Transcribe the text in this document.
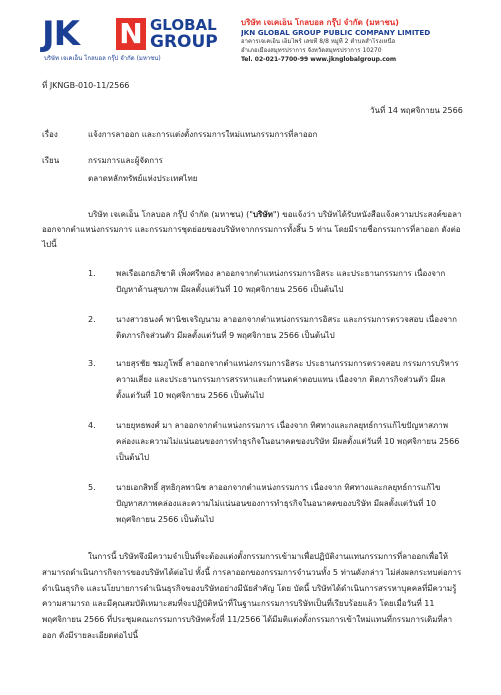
JK N GLOBAL
GROUP
บริษัท เจเคเอ็น โกลบอล กรุ๊ป จำกัด (มหาชน)
บริษัท เจเคเอ็น โกลบอล กรุ๊ป จำกัด (มหาชน)
JKN GLOBAL GROUP PUBLIC COMPANY LIMITED
อาคารเจเคเอ็น เอ็มไพร์ เลขที่ 8/8 หมู่ที่ 2 ตำบลสำโรงเหนือ
อำเภอเมืองสมุทรปราการ จังหวัดสมุทรปราการ 10270
Tel. 02-021-7700-99 www.jknglobalgroup.com
ที่ JKNGB-010-11/2566
วันที่ 14 พฤศจิกายน 2566
เรื่อง	แจ้งการลาออก และการแต่งตั้งกรรมการใหม่แทนกรรมการที่ลาออก
เรียน	กรรมการและผู้จัดการ
ตลาดหลักทรัพย์แห่งประเทศไทย
บริษัท เจเคเอ็น โกลบอล กรุ๊ป จำกัด (มหาชน) ("บริษัท") ขอแจ้งว่า บริษัทได้รับหนังสือแจ้งความประสงค์ขอลาออกจากตำแหน่งกรรมการ และกรรมการชุดย่อยของบริษัทจากกรรมการทั้งสิ้น 5 ท่าน โดยมีรายชื่อกรรมการที่ลาออก ดังต่อไปนี้
1.	พลเรือเอกธภิชาติ เพ็งศรีทอง ลาออกจากตำแหน่งกรรมการอิสระ และประธานกรรมการ เนื่องจากปัญหาด้านสุขภาพ มีผลตั้งแต่วันที่ 10 พฤศจิกายน 2566 เป็นต้นไป
2.	นางสาวธนงค์ พานิชเจริญนาม ลาออกจากตำแหน่งกรรมการอิสระ และกรรมการตรวจสอบ เนื่องจากติดภารกิจส่วนตัว มีผลตั้งแต่วันที่ 9 พฤศจิกายน 2566 เป็นต้นไป
3.	นายสุรชัย ชมภูโพธิ์ ลาออกจากตำแหน่งกรรมการอิสระ ประธานกรรมการตรวจสอบ กรรมการบริหารความเสี่ยง และประธานกรรมการสรรหาและกำหนดค่าตอบแทน เนื่องจาก ติดภารกิจส่วนตัว มีผลตั้งแต่วันที่ 10 พฤศจิกายน 2566 เป็นต้นไป
4.	นายยุทธพงศ์ มา ลาออกจากตำแหน่งกรรมการ เนื่องจาก ทิศทางและกลยุทธ์การแก้ไขปัญหาสภาพคล่องและความไม่แน่นอนของการทำธุรกิจในอนาคตของบริษัท มีผลตั้งแต่วันที่ 10 พฤศจิกายน 2566 เป็นต้นไป
5.	นายเอกสิทธิ์ สุทธิกุลพานิช ลาออกจากตำแหน่งกรรมการ เนื่องจาก ทิศทางและกลยุทธ์การแก้ไขปัญหาสภาพคล่องและความไม่แน่นอนของการทำธุรกิจในอนาคตของบริษัท มีผลตั้งแต่วันที่ 10 พฤศจิกายน 2566 เป็นต้นไป
ในการนี้ บริษัทจึงมีความจำเป็นที่จะต้องแต่งตั้งกรรมการเข้ามาเพื่อปฏิบัติงานแทนกรรมการที่ลาออกเพื่อให้สามารถดำเนินการกิจการของบริษัทได้ต่อไป ทั้งนี้ การลาออกของกรรมการจำนวนทั้ง 5 ท่านดังกล่าว ไม่ส่งผลกระทบต่อการดำเนินธุรกิจ และนโยบายการดำเนินธุรกิจของบริษัทอย่างมีนัยสำคัญ โดย บัดนี้ บริษัทได้ดำเนินการสรรหาบุคคลที่มีความรู้ความสามารถ และมีคุณสมบัติเหมาะสมที่จะปฏิบัติหน้าที่ในฐานะกรรมการบริษัทเป็นที่เรียบร้อยแล้ว โดยเมื่อวันที่ 11 พฤศจิกายน 2566 ที่ประชุมคณะกรรมการบริษัทครั้งที่ 11/2566 ได้มีมติแต่งตั้งกรรมการเข้าใหม่แทนที่กรรมการเดิมที่ลาออก ดังมีรายละเอียดต่อไปนี้
